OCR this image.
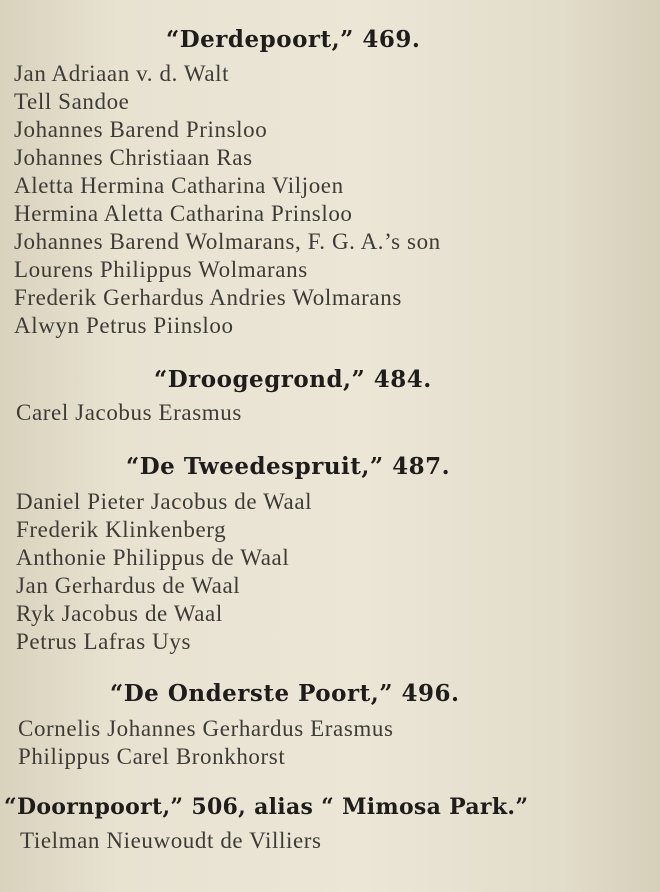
“Derdepoort,” 469.
Jan Adriaan v. d. Walt
Tell Sandoe
Johannes Barend Prinsloo
Johannes Christiaan Ras
Aletta Hermina Catharina Viljoen
Hermina Aletta Catharina Prinsloo
Johannes Barend Wolmarans, F. G. A.’s son
Lourens Philippus Wolmarans
Frederik Gerhardus Andries Wolmarans
Alwyn Petrus Piinsloo
“Droogegrond,” 484.
Carel Jacobus Erasmus
“De Tweedespruit,” 487.
Daniel Pieter Jacobus de Waal
Frederik Klinkenberg
Anthonie Philippus de Waal
Jan Gerhardus de Waal
Ryk Jacobus de Waal
Petrus Lafras Uys
“De Onderste Poort,” 496.
Cornelis Johannes Gerhardus Erasmus
Philippus Carel Bronkhorst
“Doornpoort,” 506, alias “ Mimosa Park.”
Tielman Nieuwoudt de Villiers
